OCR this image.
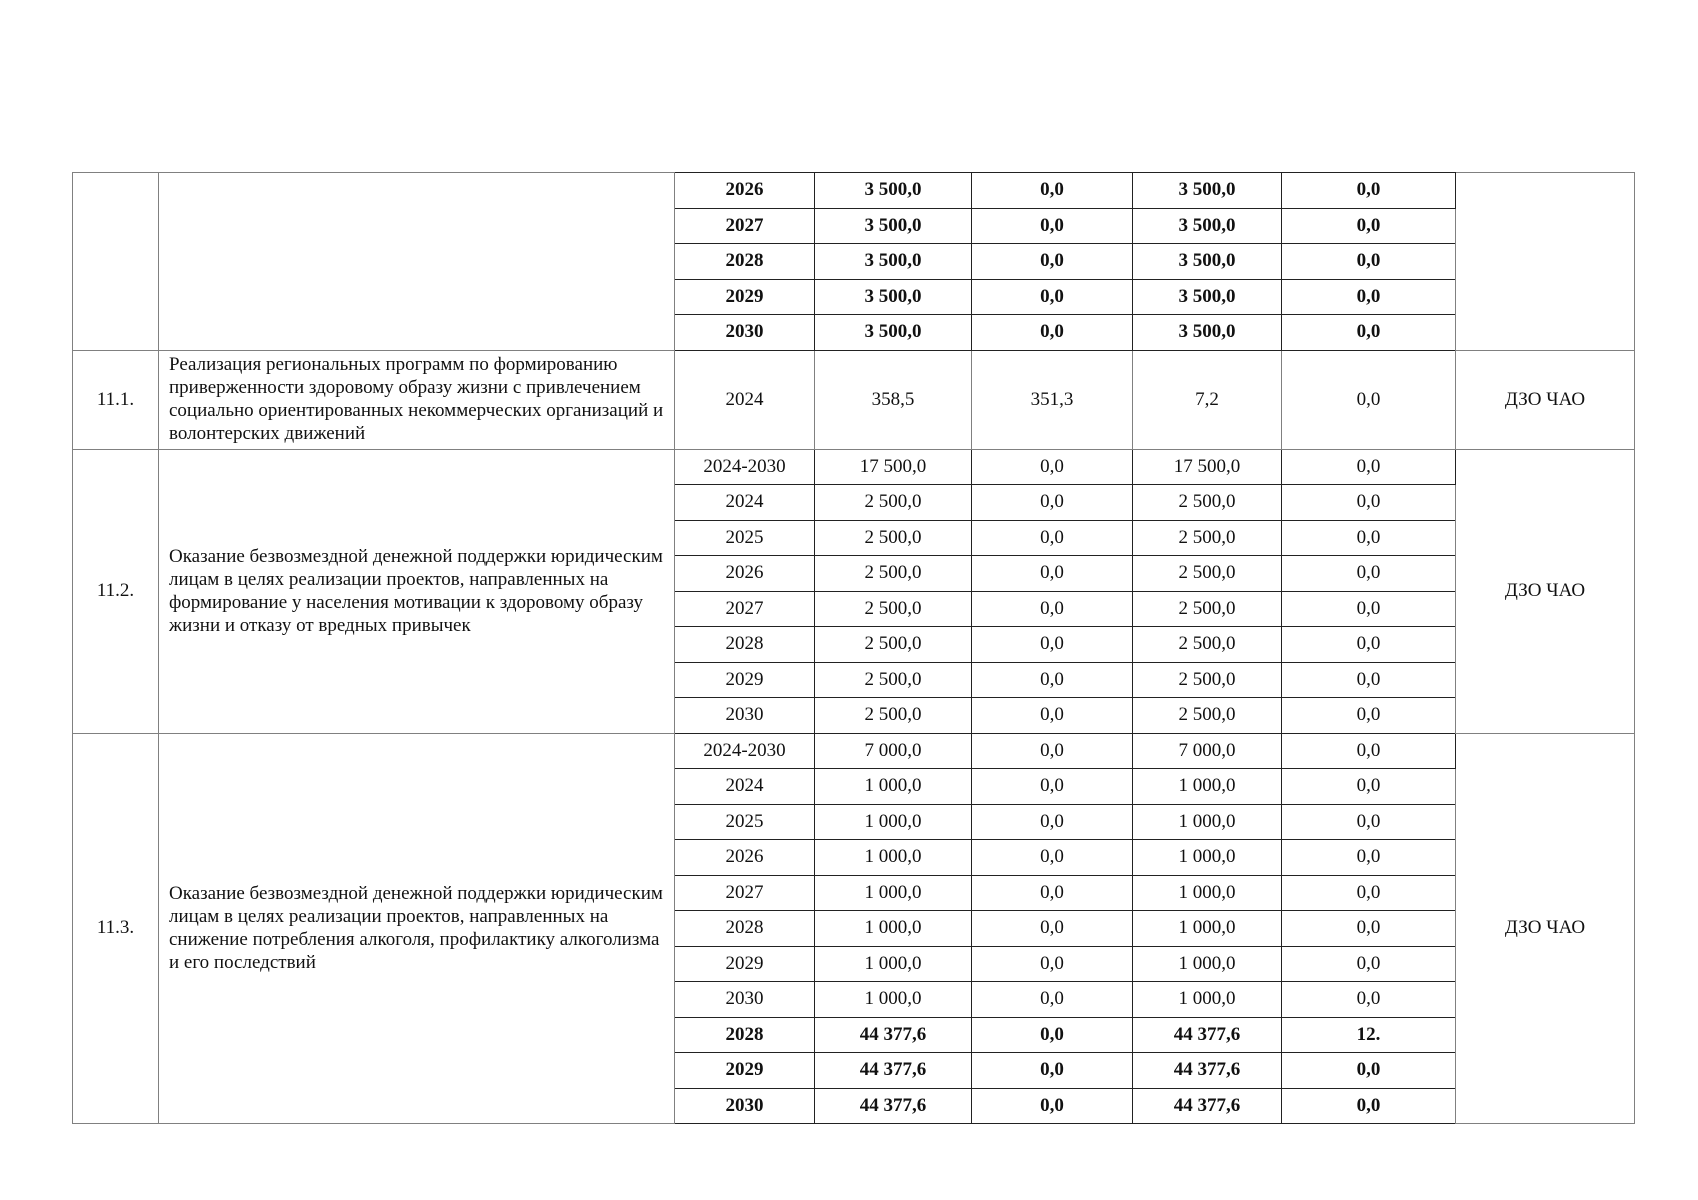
		2026	3 500,0	0,0	3 500,0	0,0	
		2027	3 500,0	0,0	3 500,0	0,0	
		2028	3 500,0	0,0	3 500,0	0,0	
		2029	3 500,0	0,0	3 500,0	0,0	
		2030	3 500,0	0,0	3 500,0	0,0	
11.1.	Реализация региональных программ по формированию приверженности здоровому образу жизни с привлечением социально ориентированных некоммерческих организаций и волонтерских движений	2024	358,5	351,3	7,2	0,0	ДЗО ЧАО
11.2.	Оказание безвозмездной денежной поддержки юридическим лицам в целях реализации проектов, направленных на формирование у населения мотивации к здоровому образу жизни и отказу от вредных привычек	2024-2030	17 500,0	0,0	17 500,0	0,0	ДЗО ЧАО
		2024	2 500,0	0,0	2 500,0	0,0	
		2025	2 500,0	0,0	2 500,0	0,0	
		2026	2 500,0	0,0	2 500,0	0,0	
		2027	2 500,0	0,0	2 500,0	0,0	
		2028	2 500,0	0,0	2 500,0	0,0	
		2029	2 500,0	0,0	2 500,0	0,0	
		2030	2 500,0	0,0	2 500,0	0,0	
11.3.	Оказание безвозмездной денежной поддержки юридическим лицам в целях реализации проектов, направленных на снижение потребления алкоголя, профилактику алкоголизма и его последствий	2024-2030	7 000,0	0,0	7 000,0	0,0	ДЗО ЧАО
		2024	1 000,0	0,0	1 000,0	0,0	
		2025	1 000,0	0,0	1 000,0	0,0	
		2026	1 000,0	0,0	1 000,0	0,0	
		2027	1 000,0	0,0	1 000,0	0,0	
		2028	1 000,0	0,0	1 000,0	0,0	
		2029	1 000,0	0,0	1 000,0	0,0	
		2030	1 000,0	0,0	1 000,0	0,0	
		2028	44 377,6	0,0	44 377,6	12.	
		2029	44 377,6	0,0	44 377,6	0,0	
		2030	44 377,6	0,0	44 377,6	0,0	
